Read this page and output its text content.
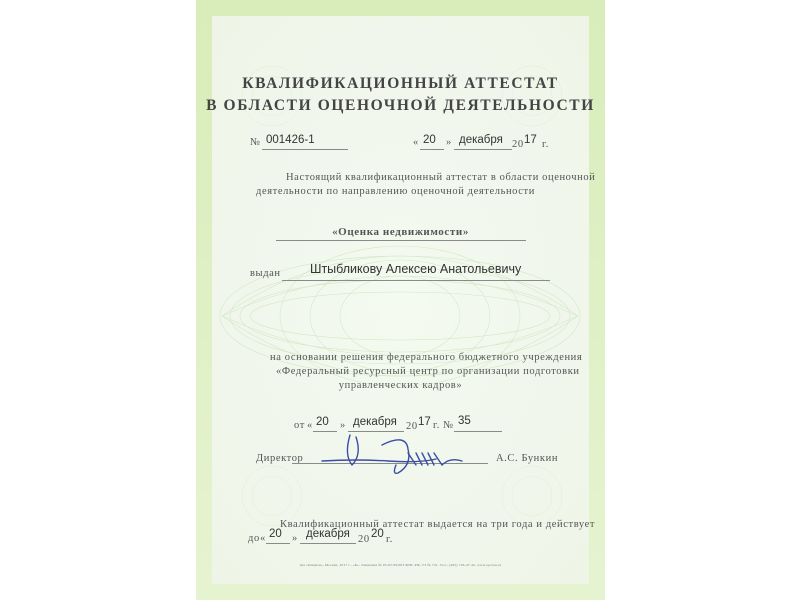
КВАЛИФИКАЦИОННЫЙ АТТЕСТАТ
В ОБЛАСТИ ОЦЕНОЧНОЙ ДЕЯТЕЛЬНОСТИ
№ 001426-1	« 20 » декабря 20 17 г.
Настоящий квалификационный аттестат в области оценочной
деятельности по направлению оценочной деятельности
«Оценка недвижимости»
выдан Штыбликову Алексею Анатольевичу
на основании решения федерального бюджетного учреждения
«Федеральный ресурсный центр по организации подготовки
управленческих кадров»
от « 20 » декабря 20 17 г. № 35
Директор	А.С. Бункин
Квалификационный аттестат выдается на три года и действует
до « 20 » декабря 20 20 г.
АО «Опцион», Москва, 2017 г., «Б». Лицензия № 05-05-09/003 ФНС РФ, ТЗ № 741. Тел.: (495) 726-47-42, www.opcion.ru
